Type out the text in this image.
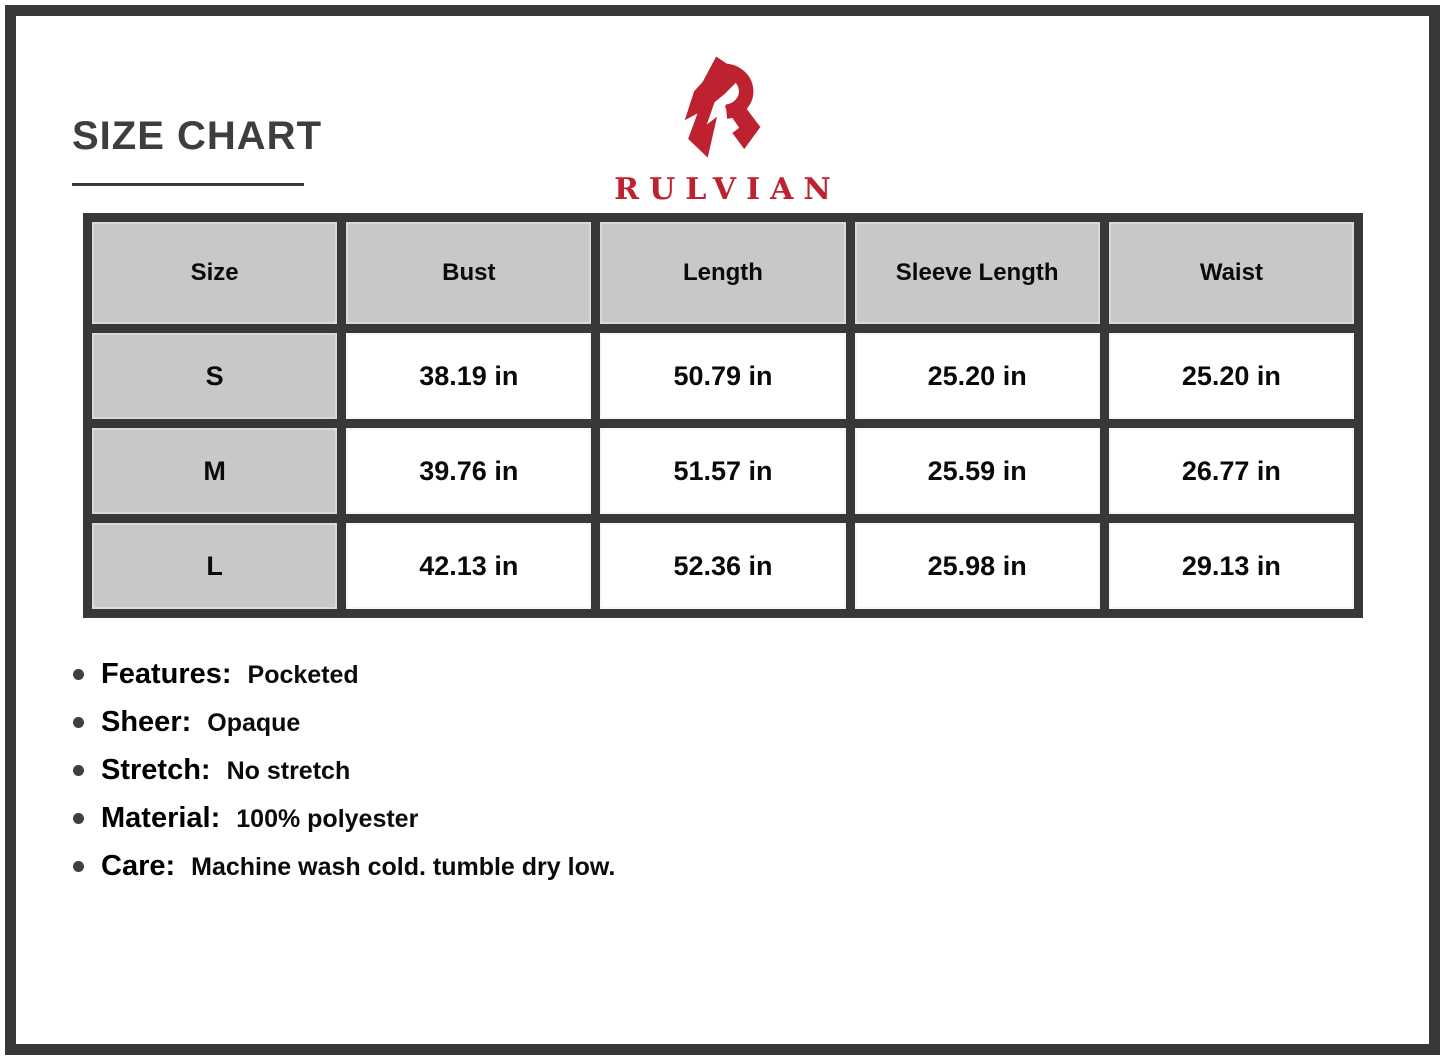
SIZE CHART
RULVIAN
Size	Bust	Length	Sleeve Length	Waist
S	38.19 in	50.79 in	25.20 in	25.20 in
M	39.76 in	51.57 in	25.59 in	26.77 in
L	42.13 in	52.36 in	25.98 in	29.13 in
Features: Pocketed
Sheer: Opaque
Stretch: No stretch
Material: 100% polyester
Care: Machine wash cold. tumble dry low.
